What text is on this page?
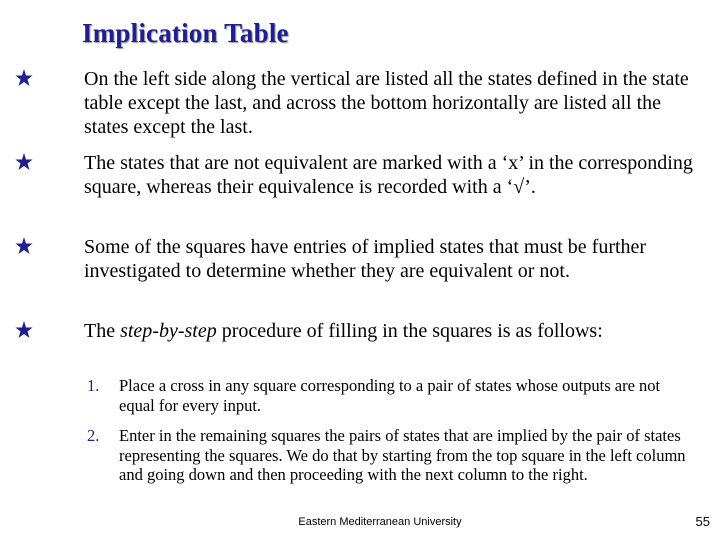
Implication Table
On the left side along the vertical are listed all the states defined in the state table except the last, and across the bottom horizontally are listed all the states except the last.
The states that are not equivalent are marked with a ‘x’ in the corresponding square, whereas their equivalence is recorded with a ‘√’.
Some of the squares have entries of implied states that must be further investigated to determine whether they are equivalent or not.
The step-by-step procedure of filling in the squares is as follows:
1. Place a cross in any square corresponding to a pair of states whose outputs are not equal for every input.
2. Enter in the remaining squares the pairs of states that are implied by the pair of states representing the squares. We do that by starting from the top square in the left column and going down and then proceeding with the next column to the right.
Eastern Mediterranean University	55
